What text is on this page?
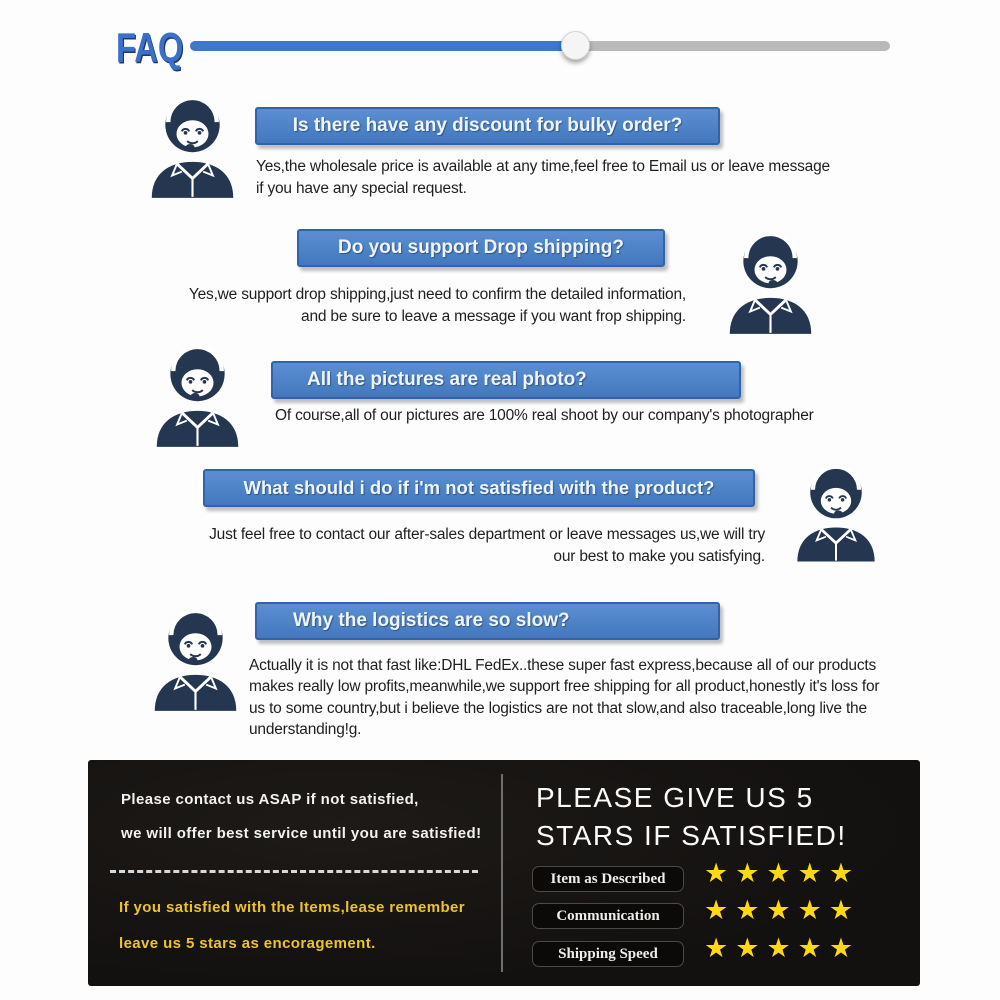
FAQ
Is there have any discount for bulky order?
Yes,the wholesale price is available at any time,feel free to Email us or leave message
if you have any special request.
Do you support Drop shipping?
Yes,we support drop shipping,just need to confirm the detailed information,
and be sure to leave a message if you want frop shipping.
All the pictures are real photo?
Of course,all of our pictures are 100% real shoot by our company's photographer
What should i do if i'm not satisfied with the product?
Just feel free to contact our after-sales department or leave messages us,we will try
our best to make you satisfying.
Why the logistics are so slow?
Actually it is not that fast like:DHL FedEx..these super fast express,because all of our products
makes really low profits,meanwhile,we support free shipping for all product,honestly it's loss for
us to some country,but i believe the logistics are not that slow,and also traceable,long live the
understanding!g.
Please contact us ASAP if not satisfied,
we will offer best service until you are satisfied!
If you satisfied with the Items,lease remember
leave us 5 stars as encoragement.
PLEASE GIVE US 5
STARS IF SATISFIED!
Item as Described ★★★★★
Communication ★★★★★
Shipping Speed ★★★★★
